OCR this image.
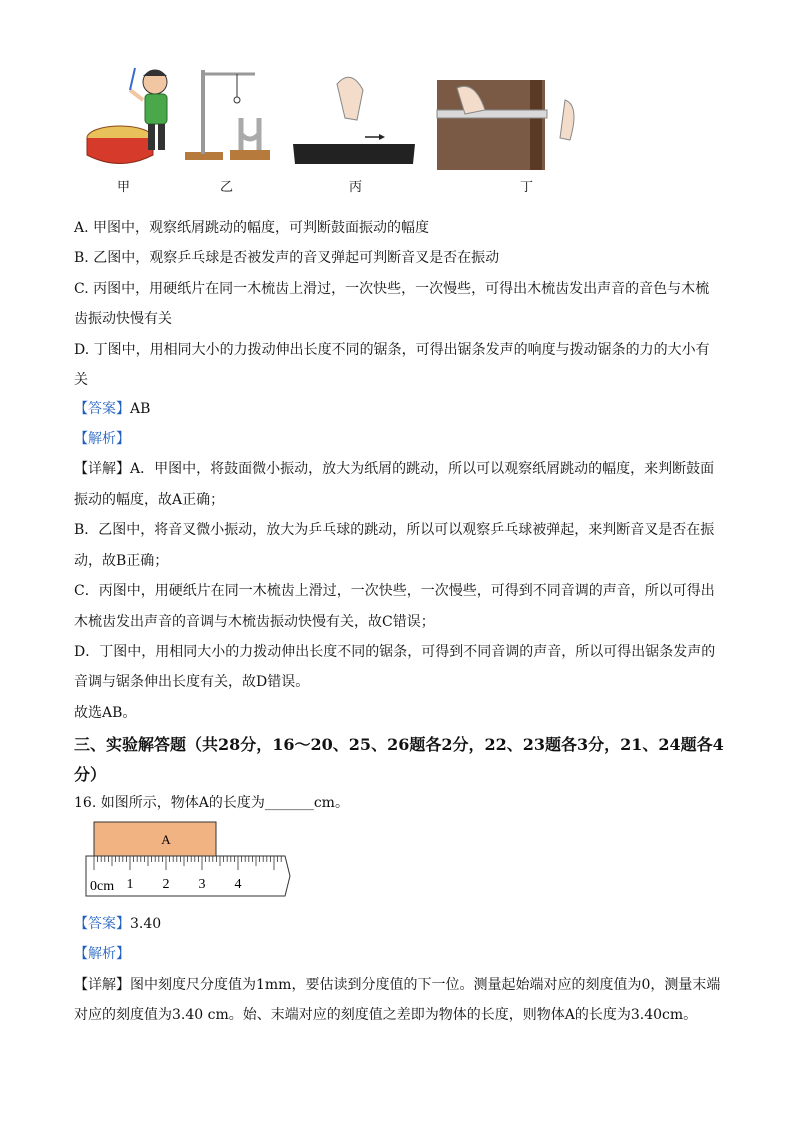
甲	乙	丙	丁
A. 甲图中，观察纸屑跳动的幅度，可判断鼓面振动的幅度
B. 乙图中，观察乒乓球是否被发声的音叉弹起可判断音叉是否在振动
C. 丙图中，用硬纸片在同一木梳齿上滑过，一次快些，一次慢些，可得出木梳齿发出声音的音色与木梳
齿振动快慢有关
D. 丁图中，用相同大小的力拨动伸出长度不同的锯条，可得出锯条发声的响度与拨动锯条的力的大小有
关
【答案】AB
【解析】
【详解】A．甲图中，将鼓面微小振动，放大为纸屑的跳动，所以可以观察纸屑跳动的幅度，来判断鼓面
振动的幅度，故A正确；
B．乙图中，将音叉微小振动，放大为乒乓球的跳动，所以可以观察乒乓球被弹起，来判断音叉是否在振
动，故B正确；
C．丙图中，用硬纸片在同一木梳齿上滑过，一次快些，一次慢些，可得到不同音调的声音，所以可得出
木梳齿发出声音的音调与木梳齿振动快慢有关，故C错误；
D．丁图中，用相同大小的力拨动伸出长度不同的锯条，可得到不同音调的声音，所以可得出锯条发声的
音调与锯条伸出长度有关，故D错误。
故选AB。
三、实验解答题（共28分，16～20、25、26题各2分，22、23题各3分，21、24题各4
分）
16. 如图所示，物体A的长度为_______cm。
A
0cm 1 2 3 4
【答案】3.40
【解析】
【详解】图中刻度尺分度值为1mm，要估读到分度值的下一位。测量起始端对应的刻度值为0，测量末端
对应的刻度值为3.40 cm。始、末端对应的刻度值之差即为物体的长度，则物体A的长度为3.40cm。
